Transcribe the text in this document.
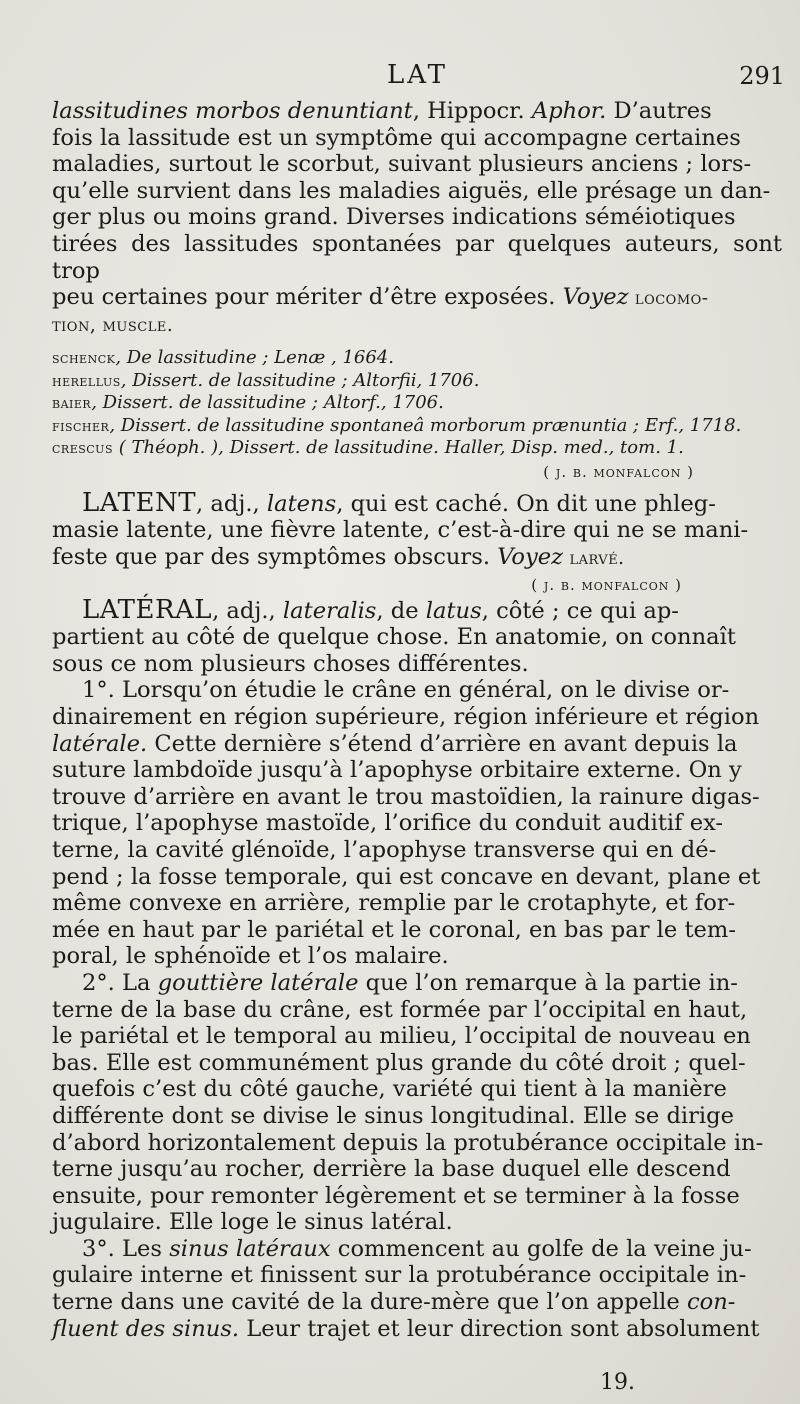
LAT	291
lassitudines morbos denuntiant, Hippocr. Aphor. D’autres
fois la lassitude est un symptôme qui accompagne certaines
maladies, surtout le scorbut, suivant plusieurs anciens ; lors-
qu’elle survient dans les maladies aiguës, elle présage un dan-
ger plus ou moins grand. Diverses indications séméiotiques
tirées des lassitudes spontanées par quelques auteurs, sont trop
peu certaines pour mériter d’être exposées. Voyez locomo-
tion, muscle.

schenck, De lassitudine ; Lenæ , 1664.

herellus, Dissert. de lassitudine ; Altorfii, 1706.

baier, Dissert. de lassitudine ; Altorf., 1706.

fischer, Dissert. de lassitudine spontaneâ morborum prænuntia ; Erf., 1718.

crescus ( Théoph. ), Dissert. de lassitudine. Haller, Disp. med., tom. 1.

( j. b. monfalcon )
LATENT, adj., latens, qui est caché. On dit une phleg-
masie latente, une fièvre latente, c’est-à-dire qui ne se mani-
feste que par des symptômes obscurs. Voyez larvé.
( j. b. monfalcon )
LATÉRAL, adj., lateralis, de latus, côté ; ce qui ap-
partient au côté de quelque chose. En anatomie, on connaît
sous ce nom plusieurs choses différentes.
1°. Lorsqu’on étudie le crâne en général, on le divise or-
dinairement en région supérieure, région inférieure et région
latérale. Cette dernière s’étend d’arrière en avant depuis la
suture lambdoïde jusqu’à l’apophyse orbitaire externe. On y
trouve d’arrière en avant le trou mastoïdien, la rainure digas-
trique, l’apophyse mastoïde, l’orifice du conduit auditif ex-
terne, la cavité glénoïde, l’apophyse transverse qui en dé-
pend ; la fosse temporale, qui est concave en devant, plane et
même convexe en arrière, remplie par le crotaphyte, et for-
mée en haut par le pariétal et le coronal, en bas par le tem-
poral, le sphénoïde et l’os malaire.
2°. La gouttière latérale que l’on remarque à la partie in-
terne de la base du crâne, est formée par l’occipital en haut,
le pariétal et le temporal au milieu, l’occipital de nouveau en
bas. Elle est communément plus grande du côté droit ; quel-
quefois c’est du côté gauche, variété qui tient à la manière
différente dont se divise le sinus longitudinal. Elle se dirige
d’abord horizontalement depuis la protubérance occipitale in-
terne jusqu’au rocher, derrière la base duquel elle descend
ensuite, pour remonter légèrement et se terminer à la fosse
jugulaire. Elle loge le sinus latéral.
3°. Les sinus latéraux commencent au golfe de la veine ju-
gulaire interne et finissent sur la protubérance occipitale in-
terne dans une cavité de la dure-mère que l’on appelle con-
fluent des sinus. Leur trajet et leur direction sont absolument
19.
